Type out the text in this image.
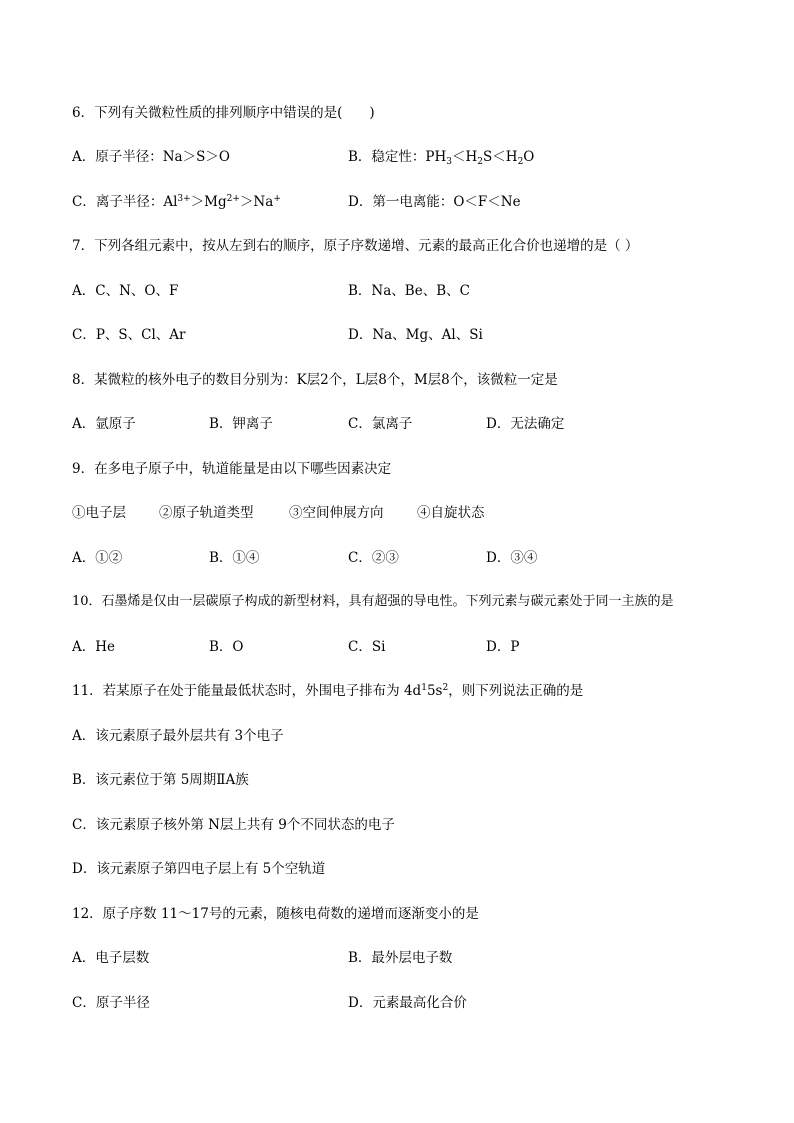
6．下列有关微粒性质的排列顺序中错误的是(　　)
A．原子半径：Na＞S＞O	B．稳定性：$PH_3<H_2S<H_2O$
C．离子半径：$Al^{3+}>Mg^{2+}>Na^+$	D．第一电离能：O＜F＜Ne
7．下列各组元素中，按从左到右的顺序，原子序数递增、元素的最高正化合价也递增的是（ ）
A．C、N、O、F	B．Na、Be、B、C
C．P、S、Cl、Ar	D．Na、Mg、Al、Si
8．某微粒的核外电子的数目分别为：K层2个，L层8个，M层8个，该微粒一定是
A．氩原子	B．钾离子	C．氯离子	D．无法确定
9．在多电子原子中，轨道能量是由以下哪些因素决定
①电子层 ②原子轨道类型	③空间伸展方向 ④自旋状态
A．①②	B．①④	C．②③	D．③④
10．石墨烯是仅由一层碳原子构成的新型材料，具有超强的导电性。下列元素与碳元素处于同一主族的是
A．He	B．O	C．Si	D．P
11．若某原子在处于能量最低状态时，外围电子排布为 $4d^15s^2$，则下列说法正确的是
A．该元素原子最外层共有 3个电子
B．该元素位于第 5周期ⅡA族
C．该元素原子核外第 N层上共有 9个不同状态的电子
D．该元素原子第四电子层上有 5个空轨道
12．原子序数 11～17号的元素，随核电荷数的递增而逐渐变小的是
A．电子层数	B．最外层电子数
C．原子半径	D．元素最高化合价
